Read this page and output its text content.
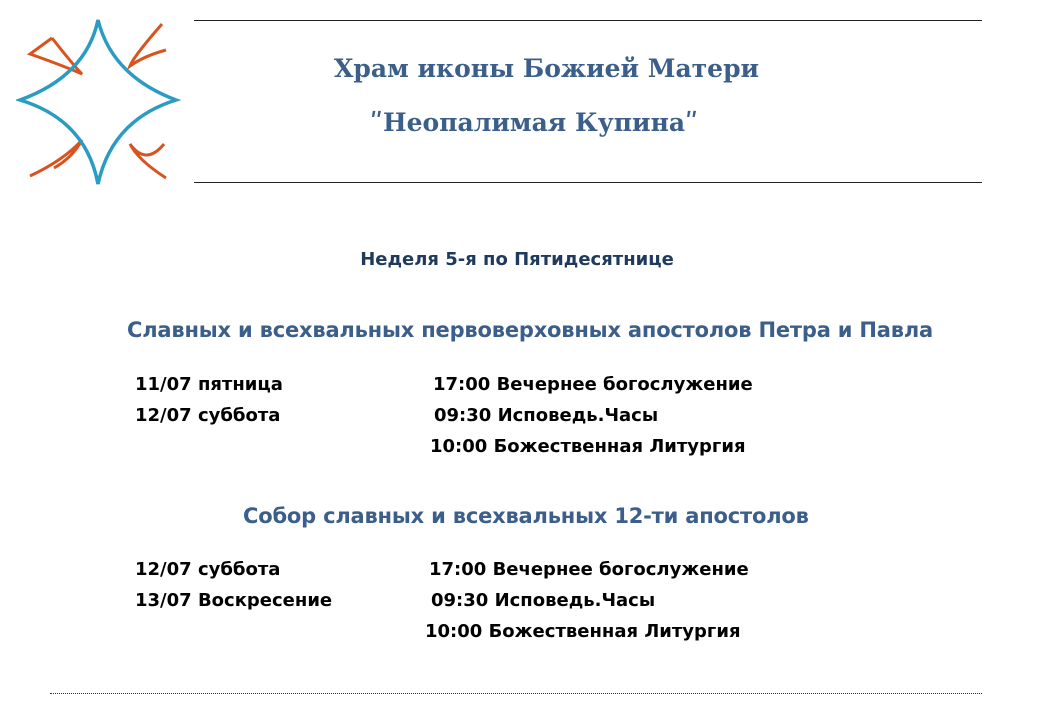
Храм иконы Божией Матери
ʺНеопалимая Купинаʺ
Неделя 5-я по Пятидесятнице
Славных и всехвальных первоверховных апостолов Петра и Павла
11/07 пятница	17:00 Вечернее богослужение
12/07 суббота	09:30 Исповедь.Часы
10:00 Божественная Литургия
Собор славных и всехвальных 12-ти апостолов
12/07 суббота	17:00 Вечернее богослужение
13/07 Воскресение	09:30 Исповедь.Часы
10:00 Божественная Литургия
